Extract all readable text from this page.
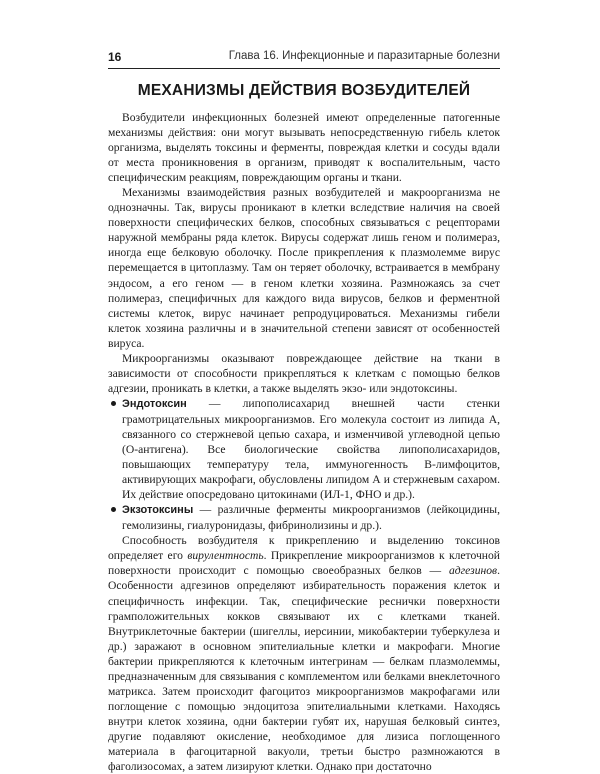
16	Глава 16. Инфекционные и паразитарные болезни
МЕХАНИЗМЫ ДЕЙСТВИЯ ВОЗБУДИТЕЛЕЙ

Возбудители инфекционных болезней имеют определенные патогенные механизмы действия: они могут вызывать непосредственную гибель клеток организма, выделять токсины и ферменты, повреждая клетки и сосуды вдали от места проникновения в организм, приводят к воспалительным, часто специфическим реакциям, повреждающим органы и ткани.

Механизмы взаимодействия разных возбудителей и макроорганизма не однозначны. Так, вирусы проникают в клетки вследствие наличия на своей поверхности специфических белков, способных связываться с рецепторами наружной мембраны ряда клеток. Вирусы содержат лишь геном и полимераз, иногда еще белковую оболочку. После прикрепления к плазмолемме вирус перемещается в цитоплазму. Там он теряет оболочку, встраивается в мембрану эндосом, а его геном — в геном клетки хозяина. Размножаясь за счет полимераз, специфичных для каждого вида вирусов, белков и ферментной системы клеток, вирус начинает репродуцироваться. Механизмы гибели клеток хозяина различны и в значительной степени зависят от особенностей вируса.

Микроорганизмы оказывают повреждающее действие на ткани в зависимости от способности прикрепляться к клеткам с помощью белков адгезии, проникать в клетки, а также выделять экзо- или эндотоксины.

Эндотоксин — липополисахарид внешней части стенки грамотрицательных микроорганизмов. Его молекула состоит из липида А, связанного со стержневой цепью сахара, и изменчивой углеводной цепью (О-антигена). Все биологические свойства липополисахаридов, повышающих температуру тела, иммуногенность В-лимфоцитов, активирующих макрофаги, обусловлены липидом А и стержневым сахаром. Их действие опосредовано цитокинами (ИЛ-1, ФНО и др.).
Экзотоксины — различные ферменты микроорганизмов (лейкоцидины, гемолизины, гиалуронидазы, фибринолизины и др.).

Способность возбудителя к прикреплению и выделению токсинов определяет его вирулентность. Прикрепление микроорганизмов к клеточной поверхности происходит с помощью своеобразных белков — адгезинов. Особенности адгезинов определяют избирательность поражения клеток и специфичность инфекции. Так, специфические реснички поверхности грамположительных кокков связывают их с клетками тканей. Внутриклеточные бактерии (шигеллы, иерсинии, микобактерии туберкулеза и др.) заражают в основном эпителиальные клетки и макрофаги. Многие бактерии прикрепляются к клеточным интегринам — белкам плазмолеммы, предназначенным для связывания с комплементом или белками внеклеточного матрикса. Затем происходит фагоцитоз микроорганизмов макрофагами или поглощение с помощью эндоцитоза эпителиальными клетками. Находясь внутри клеток хозяина, одни бактерии губят их, нарушая белковый синтез, другие подавляют окисление, необходимое для лизиса поглощенного материала в фагоцитарной вакуоли, третьи быстро размножаются в фаголизосомах, а затем лизируют клетки. Однако при достаточно
